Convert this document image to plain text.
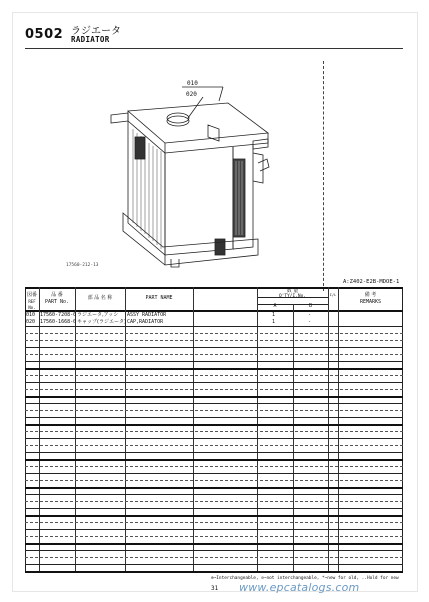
0502 ラジエータ
RADIATOR
010
020
17560-212-13
A:Z402-E2B-MDOE-1
図番
REF No.
品 番
PART No.
部 品 名 称	PART NAME
数 量
Q'TY/I.No.
A	B
I/L	備 考
REMARKS
010 17560-7208-0 ラジエータ,アッシ ASSY RADIATOR	1	-
020 17560-1668-0 キャップ(ラジエータ) CAP,RADIATOR	1	-
⊕~Interchangeable, ⊘~not interchangeable, *~new for old, ..Hold for new
31 www.epcatalogs.com
